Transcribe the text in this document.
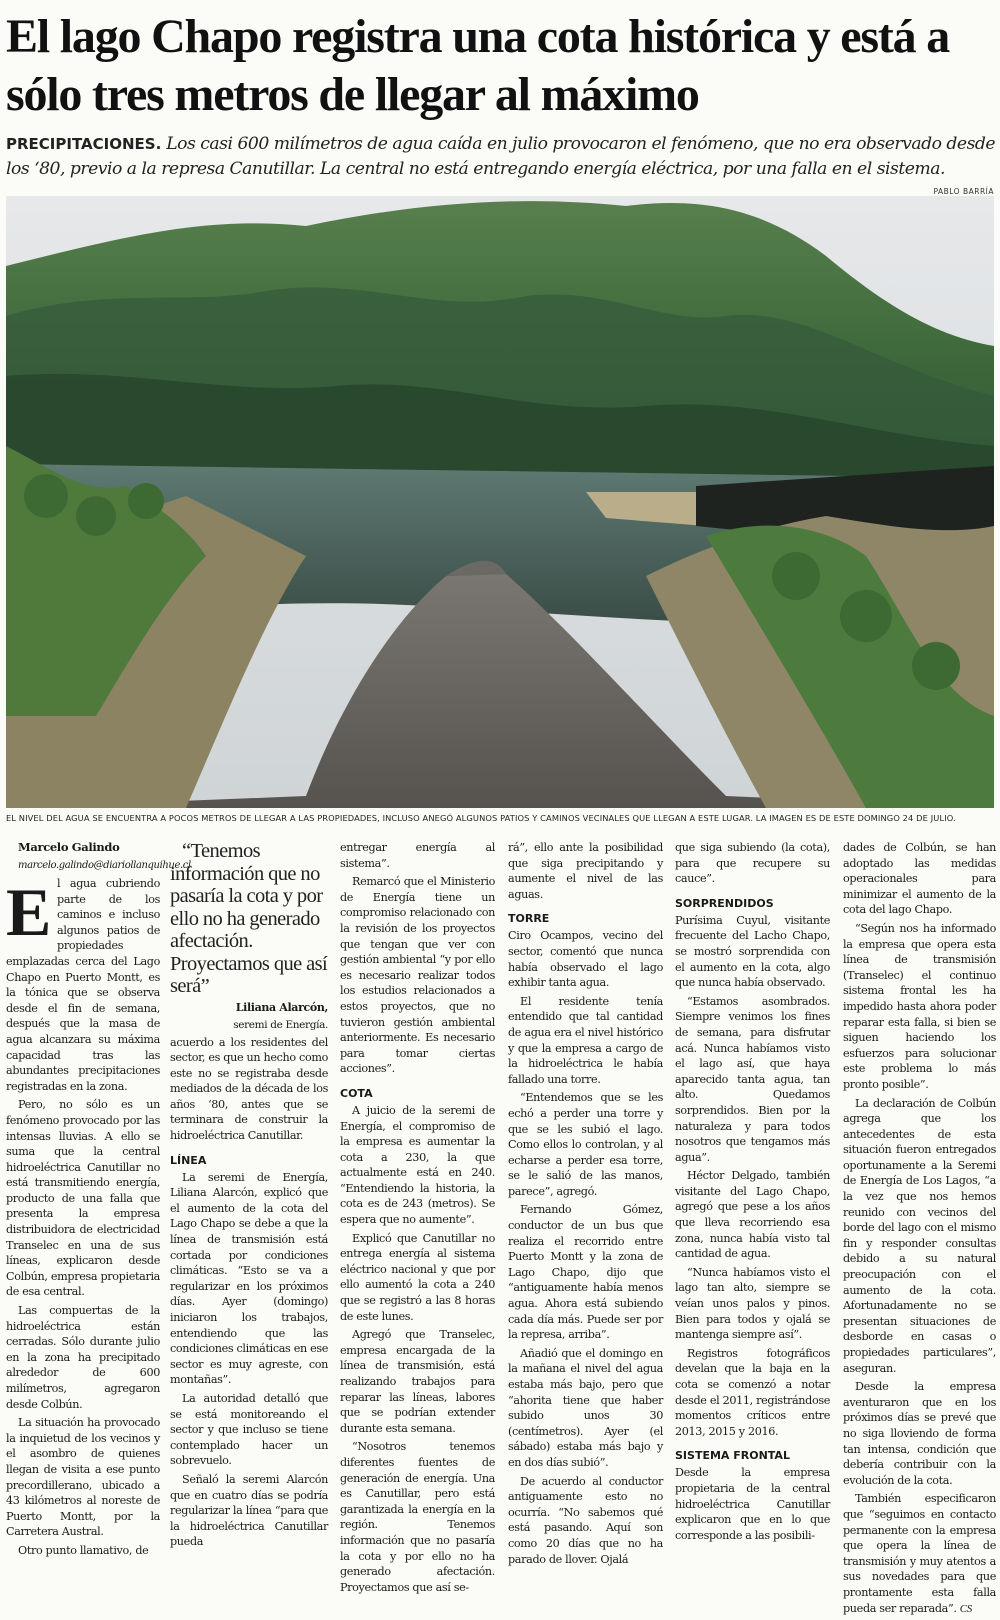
El lago Chapo registra una cota histórica y está a sólo tres metros de llegar al máximo
PRECIPITACIONES. Los casi 600 milímetros de agua caída en julio provocaron el fenómeno, que no era observado desde los ‘80, previo a la represa Canutillar. La central no está entregando energía eléctrica, por una falla en el sistema.
PABLO BARRÍA
EL NIVEL DEL AGUA SE ENCUENTRA A POCOS METROS DE LLEGAR A LAS PROPIEDADES, INCLUSO ANEGÓ ALGUNOS PATIOS Y CAMINOS VECINALES QUE LLEGAN A ESTE LUGAR. LA IMAGEN ES DE ESTE DOMINGO 24 DE JULIO.

Marcelo Galindo

marcelo.galindo@diariollanquihue.cl

E l agua cubriendo parte de los caminos e incluso algunos patios de propiedades emplazadas cerca del Lago Chapo en Puerto Montt, es la tónica que se observa desde el fin de semana, después que la masa de agua alcanzara su máxima capacidad tras las abundantes precipitaciones registradas en la zona.

Pero, no sólo es un fenómeno provocado por las intensas lluvias. A ello se suma que la central hidroeléctrica Canutillar no está transmitiendo energía, producto de una falla que presenta la empresa distribuidora de electricidad Transelec en una de sus líneas, explicaron desde Colbún, empresa propietaria de esa central.

Las compuertas de la hidroeléctrica están cerradas. Sólo durante julio en la zona ha precipitado alrededor de 600 milímetros, agregaron desde Colbún.

La situación ha provocado la inquietud de los vecinos y el asombro de quienes llegan de visita a ese punto precordillerano, ubicado a 43 kilómetros al noreste de Puerto Montt, por la Carretera Austral.

Otro punto llamativo, de

“Tenemos información que no pasaría la cota y por ello no ha generado afectación. Proyectamos que así será”

Liliana Alarcón,

seremi de Energía.

acuerdo a los residentes del sector, es que un hecho como este no se registraba desde mediados de la década de los años ‘80, antes que se terminara de construir la hidroeléctrica Canutillar.

LÍNEA

La seremi de Energía, Liliana Alarcón, explicó que el aumento de la cota del Lago Chapo se debe a que la línea de transmisión está cortada por condiciones climáticas. “Esto se va a regularizar en los próximos días. Ayer (domingo) iniciaron los trabajos, entendiendo que las condiciones climáticas en ese sector es muy agreste, con montañas”.

La autoridad detalló que se está monitoreando el sector y que incluso se tiene contemplado hacer un sobrevuelo.

Señaló la seremi Alarcón que en cuatro días se podría regularizar la línea “para que la hidroeléctrica Canutillar pueda

entregar energía al sistema”.

Remarcó que el Ministerio de Energía tiene un compromiso relacionado con la revisión de los proyectos que tengan que ver con gestión ambiental “y por ello es necesario realizar todos los estudios relacionados a estos proyectos, que no tuvieron gestión ambiental anteriormente. Es necesario para tomar ciertas acciones”.

COTA

A juicio de la seremi de Energía, el compromiso de la empresa es aumentar la cota a 230, la que actualmente está en 240. “Entendiendo la historia, la cota es de 243 (metros). Se espera que no aumente”.

Explicó que Canutillar no entrega energía al sistema eléctrico nacional y que por ello aumentó la cota a 240 que se registró a las 8 horas de este lunes.

Agregó que Transelec, empresa encargada de la línea de transmisión, está realizando trabajos para reparar las líneas, labores que se podrían extender durante esta semana.

“Nosotros tenemos diferentes fuentes de generación de energía. Una es Canutillar, pero está garantizada la energía en la región. Tenemos información que no pasaría la cota y por ello no ha generado afectación. Proyectamos que así se-

rá”, ello ante la posibilidad que siga precipitando y aumente el nivel de las aguas.

TORRE

Ciro Ocampos, vecino del sector, comentó que nunca había observado el lago exhibir tanta agua.

El residente tenía entendido que tal cantidad de agua era el nivel histórico y que la empresa a cargo de la hidroeléctrica le había fallado una torre.

“Entendemos que se les echó a perder una torre y que se les subió el lago. Como ellos lo controlan, y al echarse a perder esa torre, se le salió de las manos, parece”, agregó.

Fernando Gómez, conductor de un bus que realiza el recorrido entre Puerto Montt y la zona de Lago Chapo, dijo que “antiguamente había menos agua. Ahora está subiendo cada día más. Puede ser por la represa, arriba”.

Añadió que el domingo en la mañana el nivel del agua estaba más bajo, pero que “ahorita tiene que haber subido unos 30 (centímetros). Ayer (el sábado) estaba más bajo y en dos días subió”.

De acuerdo al conductor antiguamente esto no ocurría. “No sabemos qué está pasando. Aquí son como 20 días que no ha parado de llover. Ojalá

que siga subiendo (la cota), para que recupere su cauce”.

SORPRENDIDOS

Purísima Cuyul, visitante frecuente del Lacho Chapo, se mostró sorprendida con el aumento en la cota, algo que nunca había observado.

“Estamos asombrados. Siempre venimos los fines de semana, para disfrutar acá. Nunca habíamos visto el lago así, que haya aparecido tanta agua, tan alto. Quedamos sorprendidos. Bien por la naturaleza y para todos nosotros que tengamos más agua”.

Héctor Delgado, también visitante del Lago Chapo, agregó que pese a los años que lleva recorriendo esa zona, nunca había visto tal cantidad de agua.

“Nunca habíamos visto el lago tan alto, siempre se veían unos palos y pinos. Bien para todos y ojalá se mantenga siempre así”.

Registros fotográficos develan que la baja en la cota se comenzó a notar desde el 2011, registrándose momentos críticos entre 2013, 2015 y 2016.

SISTEMA FRONTAL

Desde la empresa propietaria de la central hidroeléctrica Canutillar explicaron que en lo que corresponde a las posibili-

dades de Colbún, se han adoptado las medidas operacionales para minimizar el aumento de la cota del lago Chapo.

“Según nos ha informado la empresa que opera esta línea de transmisión (Transelec) el continuo sistema frontal les ha impedido hasta ahora poder reparar esta falla, si bien se siguen haciendo los esfuerzos para solucionar este problema lo más pronto posible”.

La declaración de Colbún agrega que los antecedentes de esta situación fueron entregados oportunamente a la Seremi de Energía de Los Lagos, “a la vez que nos hemos reunido con vecinos del borde del lago con el mismo fin y responder consultas debido a su natural preocupación con el aumento de la cota. Afortunadamente no se presentan situaciones de desborde en casas o propiedades particulares”, aseguran.

Desde la empresa aventuraron que en los próximos días se prevé que no siga lloviendo de forma tan intensa, condición que debería contribuir con la evolución de la cota.

También especificaron que “seguimos en contacto permanente con la empresa que opera la línea de transmisión y muy atentos a sus novedades para que prontamente esta falla pueda ser reparada”. CS
